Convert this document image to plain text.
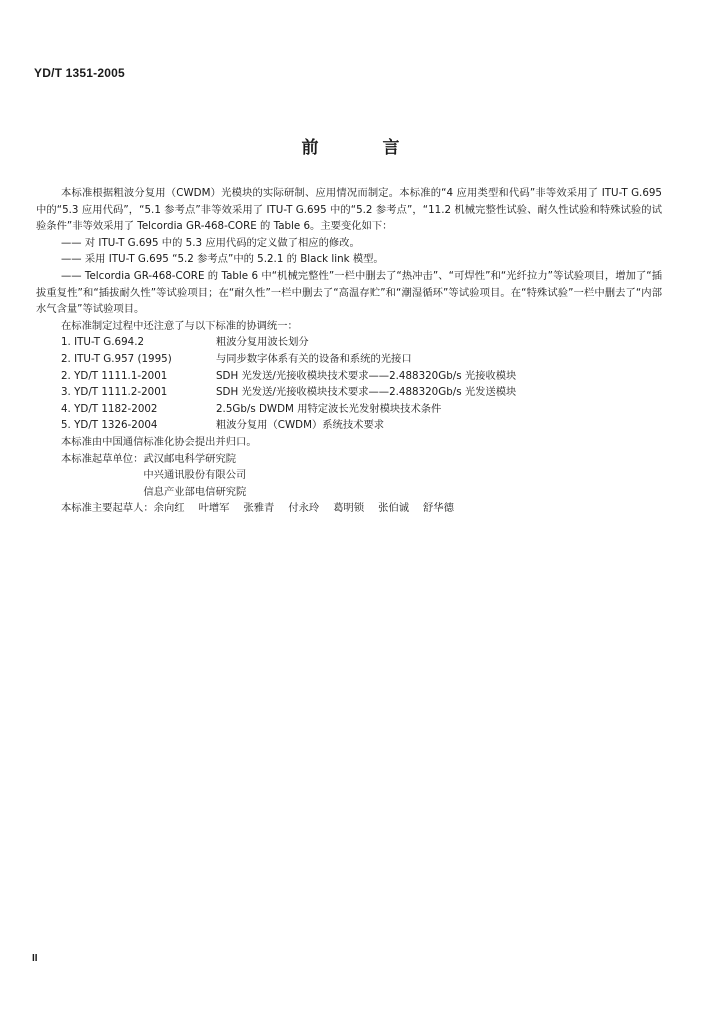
YD/T 1351-2005
前	言

本标准根据粗波分复用（CWDM）光模块的实际研制、应用情况而制定。本标准的“4 应用类型和代码”非等效采用了 ITU-T G.695 中的“5.3 应用代码”，“5.1 参考点”非等效采用了 ITU-T G.695 中的“5.2 参考点”，“11.2 机械完整性试验、耐久性试验和特殊试验的试验条件”非等效采用了 Telcordia GR-468-CORE 的 Table 6。主要变化如下：

—— 对 ITU-T G.695 中的 5.3 应用代码的定义做了相应的修改。

—— 采用 ITU-T G.695 “5.2 参考点”中的 5.2.1 的 Black link 模型。

—— Telcordia GR-468-CORE 的 Table 6 中“机械完整性”一栏中删去了“热冲击”、“可焊性”和“光纤拉力”等试验项目，增加了“插拔重复性”和“插拔耐久性”等试验项目；在“耐久性”一栏中删去了“高温存贮”和“潮湿循环”等试验项目。在“特殊试验”一栏中删去了“内部水气含量”等试验项目。

在标准制定过程中还注意了与以下标准的协调统一：

1. ITU-T G.694.2	粗波分复用波长划分
2. ITU-T G.957 (1995)	与同步数字体系有关的设备和系统的光接口
2. YD/T 1111.1-2001	SDH 光发送/光接收模块技术要求——2.488320Gb/s 光接收模块
3. YD/T 1111.2-2001	SDH 光发送/光接收模块技术要求——2.488320Gb/s 光发送模块
4. YD/T 1182-2002	2.5Gb/s DWDM 用特定波长光发射模块技术条件
5. YD/T 1326-2004	粗波分复用（CWDM）系统技术要求

本标准由中国通信标准化协会提出并归口。

本标准起草单位： 武汉邮电科学研究院
中兴通讯股份有限公司
信息产业部电信研究院
本标准主要起草人：余向红 叶增军 张雅青 付永玲 葛明锁 张伯诚 舒华德
II
